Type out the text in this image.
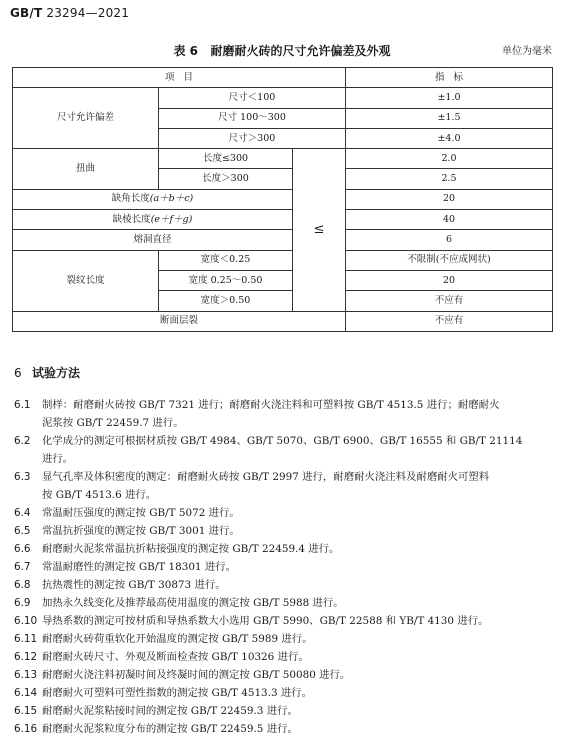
GB/T 23294—2021
表 6   耐磨耐火砖的尺寸允许偏差及外观	单位为毫米
项   目			指   标
尺寸允许偏差	尺寸＜100		±1.0
	尺寸 100～300		±1.5
	尺寸＞300		±4.0
扭曲	长度≤300	≤	2.0
	长度＞300		2.5
缺角长度(a＋b＋c)			20
缺棱长度(e＋f＋g)			40
熔洞直径			6
裂纹长度	宽度＜0.25		不限制(不应成网状)
	宽度 0.25～0.50		20
	宽度＞0.50		不应有
断面层裂			不应有
6 试验方法
6.1	制样：耐磨耐火砖按 GB/T 7321 进行；耐磨耐火浇注料和可塑料按 GB/T 4513.5 进行；耐磨耐火
泥浆按 GB/T 22459.7 进行。
6.2	化学成分的测定可根据材质按 GB/T 4984、GB/T 5070、GB/T 6900、GB/T 16555 和 GB/T 21114
进行。
6.3	显气孔率及体积密度的测定：耐磨耐火砖按 GB/T 2997 进行，耐磨耐火浇注料及耐磨耐火可塑料
按 GB/T 4513.6 进行。
6.4	常温耐压强度的测定按 GB/T 5072 进行。
6.5	常温抗折强度的测定按 GB/T 3001 进行。
6.6	耐磨耐火泥浆常温抗折粘接强度的测定按 GB/T 22459.4 进行。
6.7	常温耐磨性的测定按 GB/T 18301 进行。
6.8	抗热震性的测定按 GB/T 30873 进行。
6.9	加热永久线变化及推荐最高使用温度的测定按 GB/T 5988 进行。
6.10 导热系数的测定可按材质和导热系数大小选用 GB/T 5990、GB/T 22588 和 YB/T 4130 进行。
6.11 耐磨耐火砖荷重软化开始温度的测定按 GB/T 5989 进行。
6.12 耐磨耐火砖尺寸、外观及断面检查按 GB/T 10326 进行。
6.13 耐磨耐火浇注料初凝时间及终凝时间的测定按 GB/T 50080 进行。
6.14 耐磨耐火可塑料可塑性指数的测定按 GB/T 4513.3 进行。
6.15 耐磨耐火泥浆粘接时间的测定按 GB/T 22459.3 进行。
6.16 耐磨耐火泥浆粒度分布的测定按 GB/T 22459.5 进行。
